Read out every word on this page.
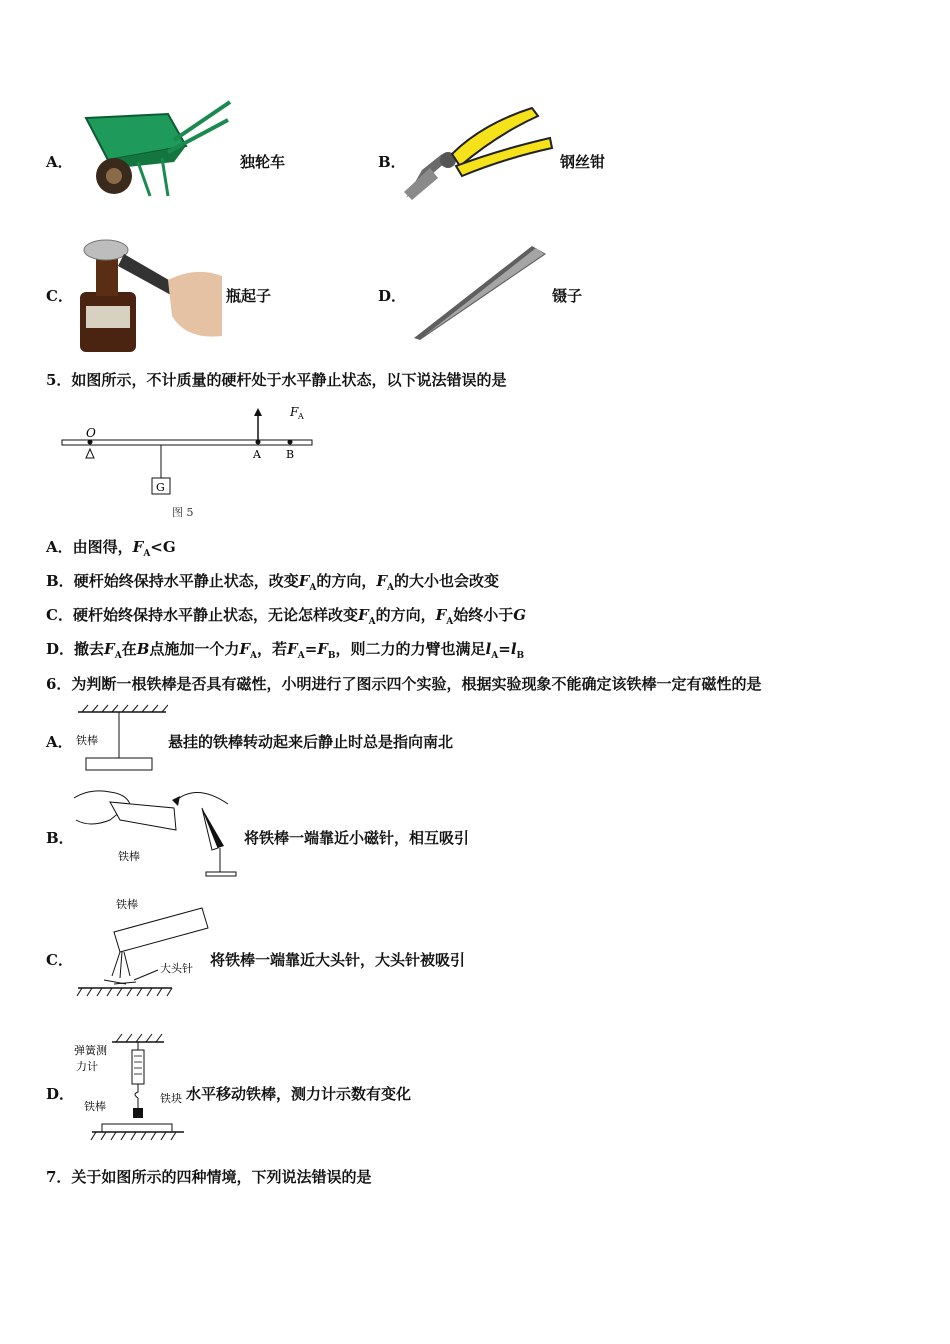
A．	独轮车	B．	钢丝钳
C．	瓶起子	D．	镊子
5．如图所示，不计质量的硬杆处于水平静止状态，以下说法错误的是
F A
O
A B
G
图 5
A．由图得，$F_A<G$
B．硬杆始终保持水平静止状态，改变$F_A$的方向，$F_A$的大小也会改变
C．硬杆始终保持水平静止状态，无论怎样改变$F_A$的方向，$F_A$始终小于G
D．撤去$F_A$在B点施加一个力$F_A$，若$F_A=F_B$，则二力的力臂也满足$l_A=l_B$
6．为判断一根铁棒是否具有磁性，小明进行了图示四个实验，根据实验现象不能确定该铁棒一定有磁性的是
A． 铁棒	悬挂的铁棒转动起来后静止时总是指向南北
B．
铁棒
将铁棒一端靠近小磁针，相互吸引
C．
铁棒
大头针 将铁棒一端靠近大头针，大头针被吸引
D．
弹簧测
力计
铁块
铁棒
水平移动铁棒，测力计示数有变化
7．关于如图所示的四种情境，下列说法错误的是
